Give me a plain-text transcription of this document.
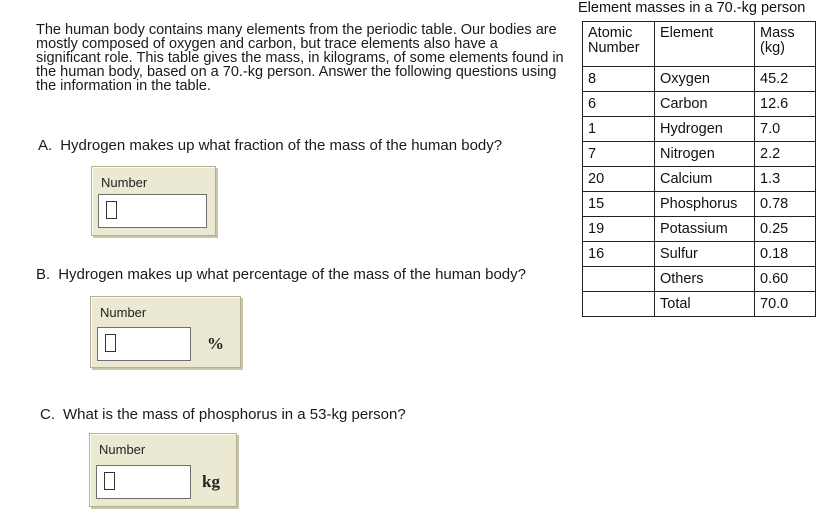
The human body contains many elements from the periodic table. Our bodies are mostly composed of oxygen and carbon, but trace elements also have a significant role. This table gives the mass, in kilograms, of some elements found in the human body, based on a 70.-kg person. Answer the following questions using the information in the table.
A. Hydrogen makes up what fraction of the mass of the human body?
Number
B. Hydrogen makes up what percentage of the mass of the human body?
Number
%
C. What is the mass of phosphorus in a 53-kg person?
Number
kg
Element masses in a 70.-kg person
Atomic Number	Element	Mass (kg)
8	Oxygen	45.2
6	Carbon	12.6
1	Hydrogen	7.0
7	Nitrogen	2.2
20	Calcium	1.3
15	Phosphorus	0.78
19	Potassium	0.25
16	Sulfur	0.18
	Others	0.60
	Total	70.0
